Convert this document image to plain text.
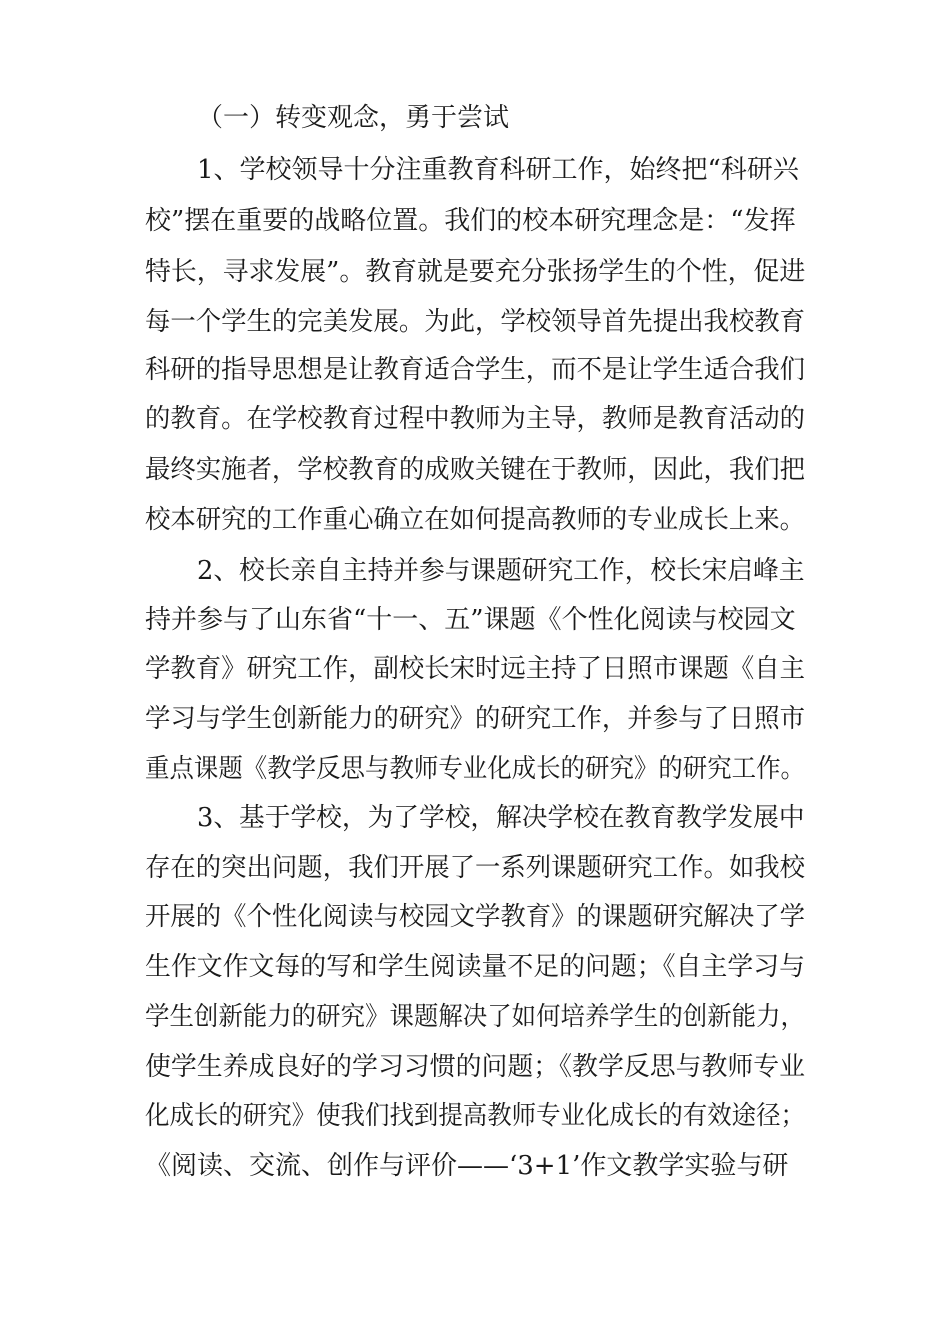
（一）转变观念，勇于尝试

1、学校领导十分注重教育科研工作，始终把“科研兴

校”摆在重要的战略位置。我们的校本研究理念是：“发挥

特长，寻求发展”。教育就是要充分张扬学生的个性，促进

每一个学生的完美发展。为此，学校领导首先提出我校教育

科研的指导思想是让教育适合学生，而不是让学生适合我们

的教育。在学校教育过程中教师为主导，教师是教育活动的

最终实施者，学校教育的成败关键在于教师，因此，我们把

校本研究的工作重心确立在如何提高教师的专业成长上来。

2、校长亲自主持并参与课题研究工作，校长宋启峰主

持并参与了山东省“十一、五”课题《个性化阅读与校园文

学教育》研究工作，副校长宋时远主持了日照市课题《自主

学习与学生创新能力的研究》的研究工作，并参与了日照市

重点课题《教学反思与教师专业化成长的研究》的研究工作。

3、基于学校，为了学校，解决学校在教育教学发展中

存在的突出问题，我们开展了一系列课题研究工作。如我校

开展的《个性化阅读与校园文学教育》的课题研究解决了学

生作文作文每的写和学生阅读量不足的问题；《自主学习与

学生创新能力的研究》课题解决了如何培养学生的创新能力，

使学生养成良好的学习习惯的问题；《教学反思与教师专业

化成长的研究》使我们找到提高教师专业化成长的有效途径；

《阅读、交流、创作与评价——‘3+1’作文教学实验与研
